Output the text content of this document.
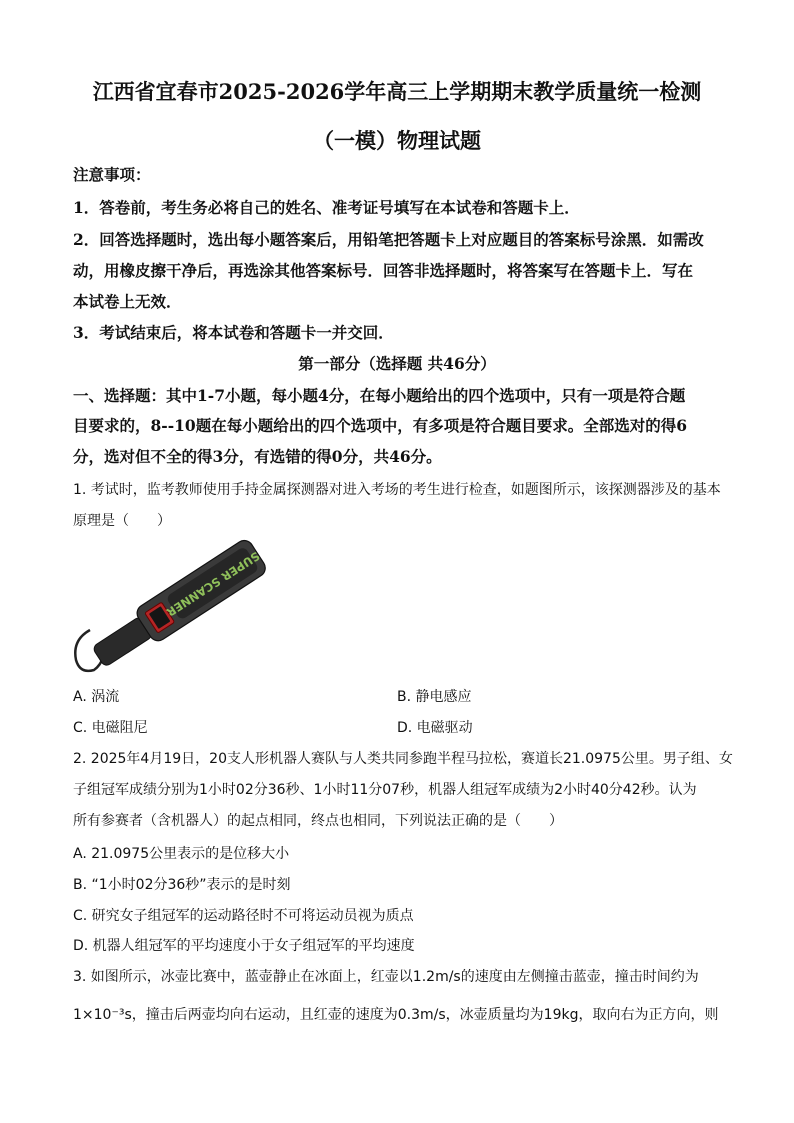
江西省宜春市2025-2026学年高三上学期期末教学质量统一检测
（一模）物理试题
注意事项：
1．答卷前，考生务必将自己的姓名、准考证号填写在本试卷和答题卡上．
2．回答选择题时，选出每小题答案后，用铅笔把答题卡上对应题目的答案标号涂黑．如需改
动，用橡皮擦干净后，再选涂其他答案标号．回答非选择题时，将答案写在答题卡上．写在
本试卷上无效．
3．考试结束后，将本试卷和答题卡一并交回．
第一部分（选择题 共46分）
一、选择题：其中1-7小题，每小题4分，在每小题给出的四个选项中，只有一项是符合题
目要求的，8--10题在每小题给出的四个选项中，有多项是符合题目要求。全部选对的得6
分，选对但不全的得3分，有选错的得0分，共46分。
1. 考试时，监考教师使用手持金属探测器对进入考场的考生进行检查，如题图所示，该探测器涉及的基本
原理是（　　）
SUPER SCANNER
A. 涡流	B. 静电感应
C. 电磁阻尼	D. 电磁驱动
2. 2025年4月19日，20支人形机器人赛队与人类共同参跑半程马拉松，赛道长21.0975公里。男子组、女
子组冠军成绩分别为1小时02分36秒、1小时11分07秒，机器人组冠军成绩为2小时40分42秒。认为
所有参赛者（含机器人）的起点相同，终点也相同，下列说法正确的是（　　）
A. 21.0975公里表示的是位移大小
B. “1小时02分36秒”表示的是时刻
C. 研究女子组冠军的运动路径时不可将运动员视为质点
D. 机器人组冠军的平均速度小于女子组冠军的平均速度
3. 如图所示，冰壶比赛中，蓝壶静止在冰面上，红壶以1.2m/s的速度由左侧撞击蓝壶，撞击时间约为
1×10⁻³s，撞击后两壶均向右运动，且红壶的速度为0.3m/s，冰壶质量均为19kg，取向右为正方向，则
